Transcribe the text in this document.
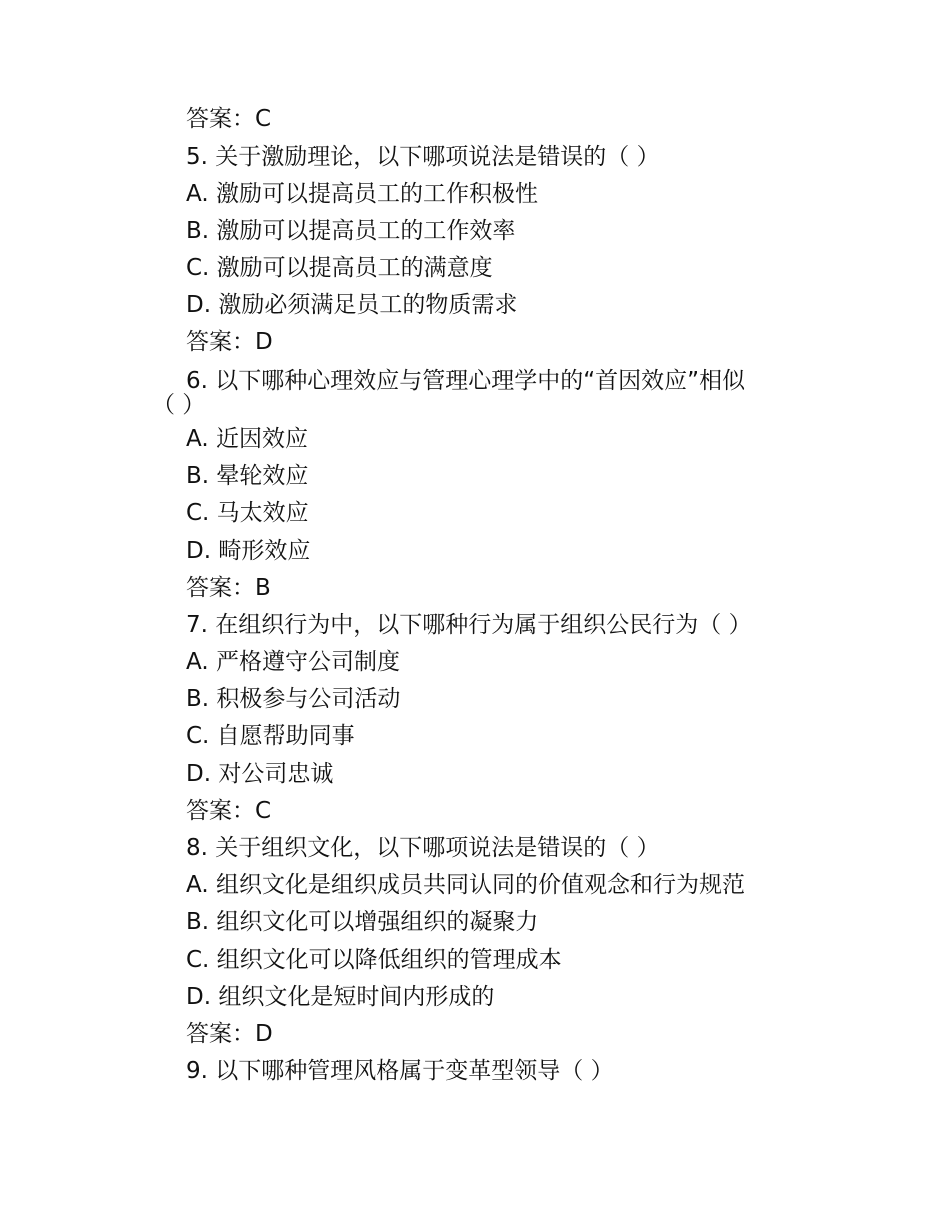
答案：C
5. 关于激励理论，以下哪项说法是错误的（ ）
A. 激励可以提高员工的工作积极性
B. 激励可以提高员工的工作效率
C. 激励可以提高员工的满意度
D. 激励必须满足员工的物质需求
答案：D
6. 以下哪种心理效应与管理心理学中的“首因效应”相似
（ ）
A. 近因效应
B. 晕轮效应
C. 马太效应
D. 畸形效应
答案：B
7. 在组织行为中，以下哪种行为属于组织公民行为（ ）
A. 严格遵守公司制度
B. 积极参与公司活动
C. 自愿帮助同事
D. 对公司忠诚
答案：C
8. 关于组织文化，以下哪项说法是错误的（ ）
A. 组织文化是组织成员共同认同的价值观念和行为规范
B. 组织文化可以增强组织的凝聚力
C. 组织文化可以降低组织的管理成本
D. 组织文化是短时间内形成的
答案：D
9. 以下哪种管理风格属于变革型领导（ ）
